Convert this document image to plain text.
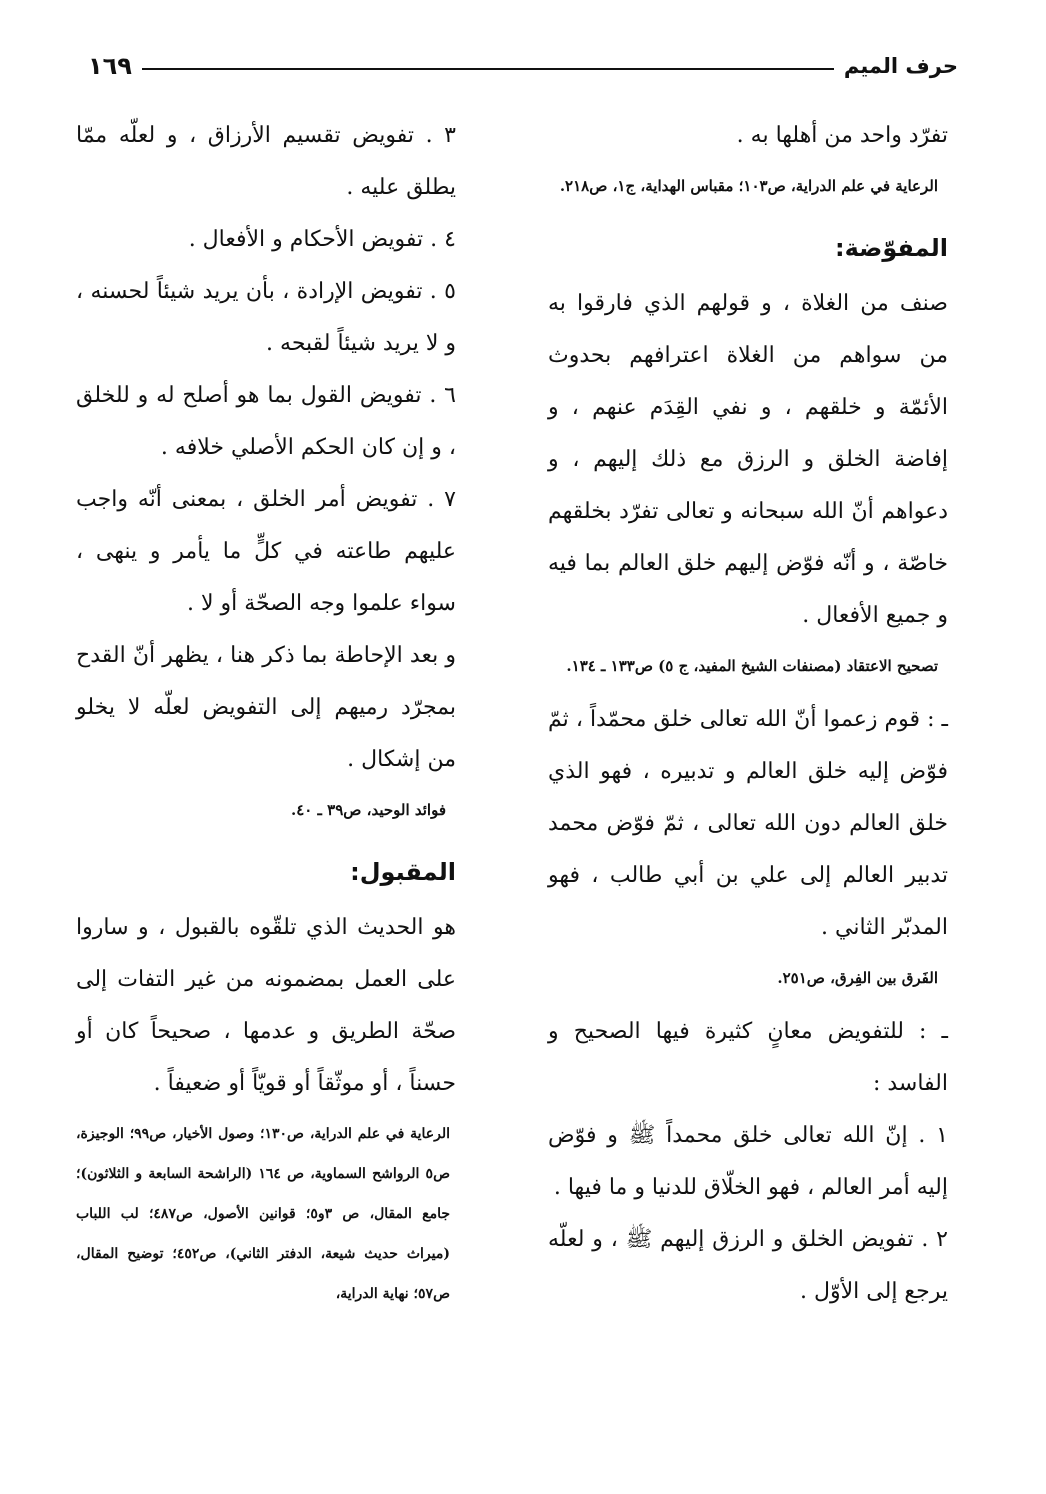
حرف الميم
١٦٩

تفرّد واحد من أهلها به .

الرعاية في علم الدراية، ص١٠٣؛ مقباس الهداية، ج١، ص٢١٨.

المفوّضة:

صنف من الغلاة ، و قولهم الذي فارقوا به من سواهم من الغلاة اعترافهم بحدوث الأئمّة و خلقهم ، و نفي القِدَم عنهم ، و إفاضة الخلق و الرزق مع ذلك إليهم ، و دعواهم أنّ الله سبحانه و تعالى تفرّد بخلقهم خاصّة ، و أنّه فوّض إليهم خلق العالم بما فيه و جميع الأفعال .

تصحيح الاعتقاد (مصنفات الشيخ المفيد، ج ٥) ص١٣٣ ـ ١٣٤.

ـ : قوم زعموا أنّ الله تعالى خلق محمّداً ، ثمّ فوّض إليه خلق العالم و تدبيره ، فهو الذي خلق العالم دون الله تعالى ، ثمّ فوّض محمد تدبير العالم إلى علي بن أبي طالب ، فهو المدبّر الثاني .

الفَرق بين الفِرق، ص٢٥١.

ـ : للتفويض معانٍ كثيرة فيها الصحيح و الفاسد :

١ . إنّ الله تعالى خلق محمداً ﷺ و فوّض إليه أمر العالم ، فهو الخلّاق للدنيا و ما فيها .

٢ . تفويض الخلق و الرزق إليهم ﷺ ، و لعلّه يرجع إلى الأوّل .

٣ . تفويض تقسيم الأرزاق ، و لعلّه ممّا يطلق عليه .

٤ . تفويض الأحكام و الأفعال .

٥ . تفويض الإرادة ، بأن يريد شيئاً لحسنه ، و لا يريد شيئاً لقبحه .

٦ . تفويض القول بما هو أصلح له و للخلق ، و إن كان الحكم الأصلي خلافه .

٧ . تفويض أمر الخلق ، بمعنى أنّه واجب عليهم طاعته في كلٍّ ما يأمر و ينهى ، سواء علموا وجه الصحّة أو لا .

و بعد الإحاطة بما ذكر هنا ، يظهر أنّ القدح بمجرّد رميهم إلى التفويض لعلّه لا يخلو من إشكال .

فوائد الوحيد، ص٣٩ ـ ٤٠.

المقبول:

هو الحديث الذي تلقّوه بالقبول ، و ساروا على العمل بمضمونه من غير التفات إلى صحّة الطريق و عدمها ، صحيحاً كان أو حسناً ، أو موثّقاً أو قويّاً أو ضعيفاً .

الرعاية في علم الدراية، ص١٣٠؛ وصول الأخيار، ص٩٩؛ الوجيزة، ص٥ الرواشح السماوية، ص ١٦٤ (الراشحة السابعة و الثلاثون)؛ جامع المقال، ص ٣و٥؛ قوانين الأصول، ص٤٨٧؛ لب اللباب (ميراث حديث شيعة، الدفتر الثاني)، ص٤٥٢؛ توضيح المقال، ص٥٧؛ نهاية الدراية،
